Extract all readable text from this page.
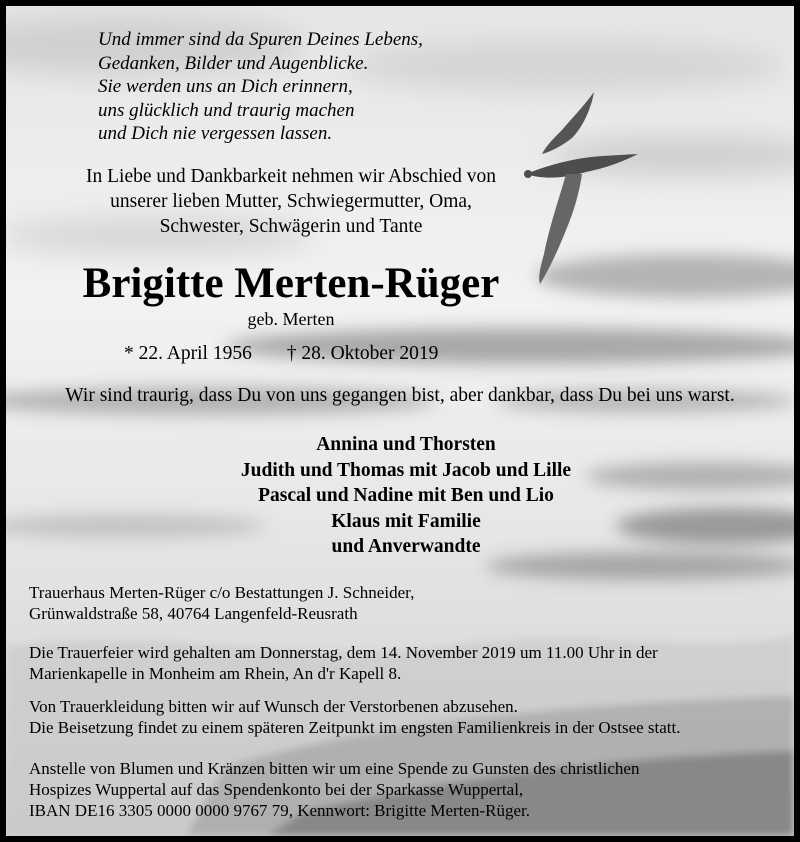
Und immer sind da Spuren Deines Lebens,
Gedanken, Bilder und Augenblicke.
Sie werden uns an Dich erinnern,
uns glücklich und traurig machen
und Dich nie vergessen lassen.
In Liebe und Dankbarkeit nehmen wir Abschied von
unserer lieben Mutter, Schwiegermutter, Oma,
Schwester, Schwägerin und Tante
Brigitte Merten-Rüger
geb. Merten
* 22. April 1956 † 28. Oktober 2019
Wir sind traurig, dass Du von uns gegangen bist, aber dankbar, dass Du bei uns warst.
Annina und Thorsten
Judith und Thomas mit Jacob und Lille
Pascal und Nadine mit Ben und Lio
Klaus mit Familie
und Anverwandte
Trauerhaus Merten-Rüger c/o Bestattungen J. Schneider,
Grünwaldstraße 58, 40764 Langenfeld-Reusrath
Die Trauerfeier wird gehalten am Donnerstag, dem 14. November 2019 um 11.00 Uhr in der
Marienkapelle in Monheim am Rhein, An d'r Kapell 8.
Von Trauerkleidung bitten wir auf Wunsch der Verstorbenen abzusehen.
Die Beisetzung findet zu einem späteren Zeitpunkt im engsten Familienkreis in der Ostsee statt.
Anstelle von Blumen und Kränzen bitten wir um eine Spende zu Gunsten des christlichen
Hospizes Wuppertal auf das Spendenkonto bei der Sparkasse Wuppertal,
IBAN DE16 3305 0000 0000 9767 79, Kennwort: Brigitte Merten-Rüger.
